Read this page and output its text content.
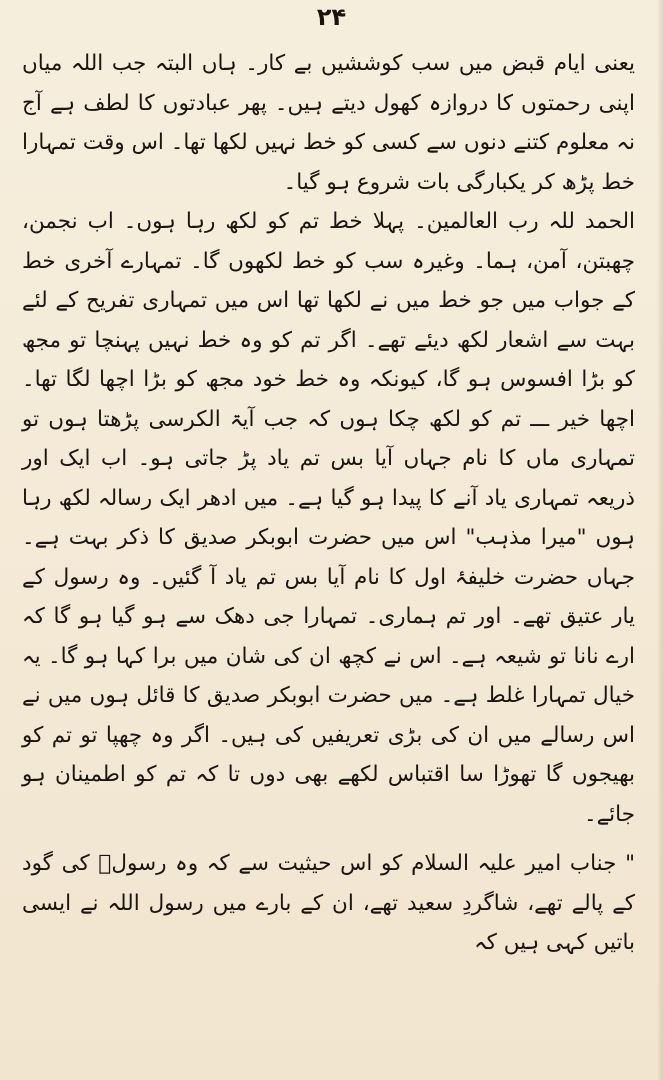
۲۴

یعنی ایام قبض میں سب کوششیں بے کار۔ ہاں البتہ جب اللہ میاں اپنی رحمتوں کا دروازہ کھول دیتے ہیں۔ پھر عبادتوں کا لطف ہے آج نہ معلوم کتنے دنوں سے کسی کو خط نہیں لکھا تھا۔ اس وقت تمہارا خط پڑھ کر یکبارگی بات شروع ہو گیا۔

الحمد للہ رب العالمین۔ پہلا خط تم کو لکھ رہا ہوں۔ اب نجمن، چھبتن، آمن، ہما۔ وغیرہ سب کو خط لکھوں گا۔ تمہارے آخری خط کے جواب میں جو خط میں نے لکھا تھا اس میں تمہاری تفریح کے لئے بہت سے اشعار لکھ دیئے تھے۔ اگر تم کو وہ خط نہیں پہنچا تو مجھ کو بڑا افسوس ہو گا، کیونکہ وہ خط خود مجھ کو بڑا اچھا لگا تھا۔ اچھا خیر ـــ تم کو لکھ چکا ہوں کہ جب آیۃ الکرسی پڑھتا ہوں تو تمہاری ماں کا نام جہاں آیا بس تم یاد پڑ جاتی ہو۔ اب ایک اور ذریعہ تمہاری یاد آنے کا پیدا ہو گیا ہے۔ میں ادھر ایک رسالہ لکھ رہا ہوں "میرا مذہب" اس میں حضرت ابوبکر صدیق کا ذکر بہت ہے۔ جہاں حضرت خلیفۂ اول کا نام آیا بس تم یاد آ گئیں۔ وہ رسول کے یار عتیق تھے۔ اور تم ہماری۔ تمہارا جی دھک سے ہو گیا ہو گا کہ ارے نانا تو شیعہ ہے۔ اس نے کچھ ان کی شان میں برا کہا ہو گا۔ یہ خیال تمہارا غلط ہے۔ میں حضرت ابوبکر صدیق کا قائل ہوں میں نے اس رسالے میں ان کی بڑی تعریفیں کی ہیں۔ اگر وہ چھپا تو تم کو بھیجوں گا تھوڑا سا اقتباس لکھے بھی دوں تا کہ تم کو اطمینان ہو جائے۔

" جناب امیر علیہ السلام کو اس حیثیت سے کہ وہ رسولؐ کی گود کے پالے تھے، شاگردِ سعید تھے، ان کے بارے میں رسول اللہ نے ایسی باتیں کہی ہیں کہ
